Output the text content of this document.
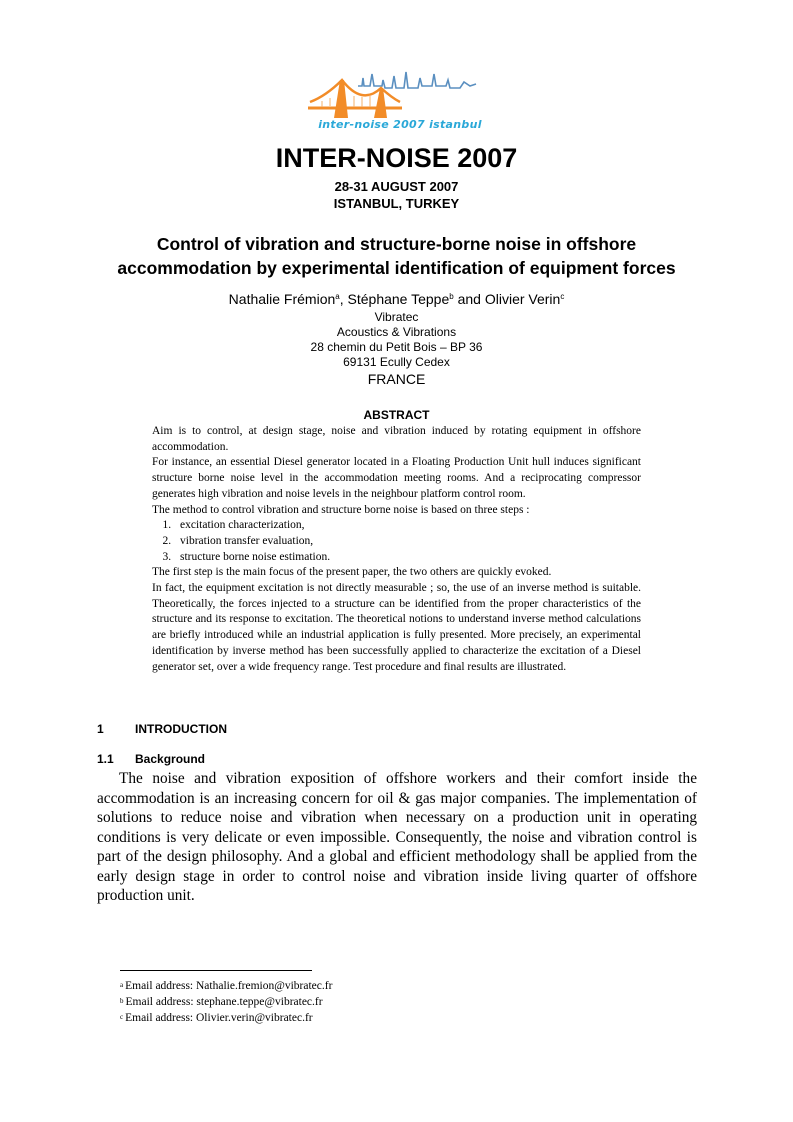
inter-noise 2007 istanbul
INTER-NOISE 2007
28-31 AUGUST 2007
ISTANBUL, TURKEY
Control of vibration and structure-borne noise in offshore
accommodation by experimental identification of equipment forces
Nathalie Frémion$^a$, Stéphane Teppe$^b$ and Olivier Verin$^c$
Vibratec
Acoustics & Vibrations
28 chemin du Petit Bois – BP 36
69131 Ecully Cedex
FRANCE
ABSTRACT

Aim is to control, at design stage, noise and vibration induced by rotating equipment in offshore accommodation.

For instance, an essential Diesel generator located in a Floating Production Unit hull induces significant structure borne noise level in the accommodation meeting rooms. And a reciprocating compressor generates high vibration and noise levels in the neighbour platform control room.

The method to control vibration and structure borne noise is based on three steps :

1. excitation characterization,
2. vibration transfer evaluation,
3. structure borne noise estimation.

The first step is the main focus of the present paper, the two others are quickly evoked.

In fact, the equipment excitation is not directly measurable ; so, the use of an inverse method is suitable. Theoretically, the forces injected to a structure can be identified from the proper characteristics of the structure and its response to excitation. The theoretical notions to understand inverse method calculations are briefly introduced while an industrial application is fully presented. More precisely, an experimental identification by inverse method has been successfully applied to characterize the excitation of a Diesel generator set, over a wide frequency range. Test procedure and final results are illustrated.

1	INTRODUCTION
1.1 Background

The noise and vibration exposition of offshore workers and their comfort inside the accommodation is an increasing concern for oil & gas major companies. The implementation of solutions to reduce noise and vibration when necessary on a production unit in operating conditions is very delicate or even impossible. Consequently, the noise and vibration control is part of the design philosophy. And a global and efficient methodology shall be applied from the early design stage in order to control noise and vibration inside living quarter of offshore production unit.

$^a$ Email address: Nathalie.fremion@vibratec.fr
$^b$ Email address: stephane.teppe@vibratec.fr
$^c$ Email address: Olivier.verin@vibratec.fr
